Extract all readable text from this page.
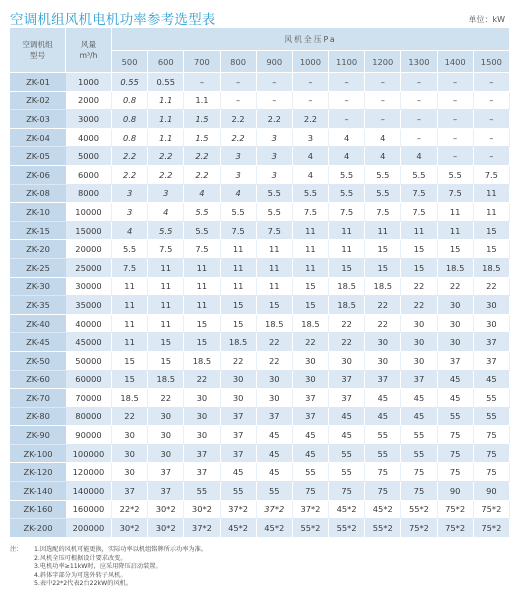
空调机组风机电机功率参考选型表	单位：kW
空调机组
型号	风量
m³/h	风机全压Pa										
		500	600	700	800	900	1000	1100	1200	1300	1400	1500
ZK-01	1000	0.55	0.55	–	–	–	–	–	–	–	–	–
ZK-02	2000	0.8	1.1	1.1	–	–	–	–	–	–	–	–
ZK-03	3000	0.8	1.1	1.5	2.2	2.2	2.2	–	–	–	–	–
ZK-04	4000	0.8	1.1	1.5	2.2	3	3	4	4	–	–	–
ZK-05	5000	2.2	2.2	2.2	3	3	4	4	4	4	–	–
ZK-06	6000	2.2	2.2	2.2	3	3	4	5.5	5.5	5.5	5.5	7.5
ZK-08	8000	3	3	4	4	5.5	5.5	5.5	5.5	7.5	7.5	11
ZK-10	10000	3	4	5.5	5.5	5.5	7.5	7.5	7.5	7.5	11	11
ZK-15	15000	4	5.5	5.5	7.5	7.5	11	11	11	11	11	15
ZK-20	20000	5.5	7.5	7.5	11	11	11	11	15	15	15	15
ZK-25	25000	7.5	11	11	11	11	11	15	15	15	18.5	18.5
ZK-30	30000	11	11	11	11	11	15	18.5	18.5	22	22	22
ZK-35	35000	11	11	11	15	15	15	18.5	22	22	30	30
ZK-40	40000	11	11	15	15	18.5	18.5	22	22	30	30	30
ZK-45	45000	11	15	15	18.5	22	22	22	30	30	30	37
ZK-50	50000	15	15	18.5	22	22	30	30	30	30	37	37
ZK-60	60000	15	18.5	22	30	30	30	37	37	37	45	45
ZK-70	70000	18.5	22	30	30	30	37	37	45	45	45	55
ZK-80	80000	22	30	30	37	37	37	45	45	45	55	55
ZK-90	90000	30	30	30	37	45	45	45	55	55	75	75
ZK-100	100000	30	30	37	37	45	45	55	55	55	75	75
ZK-120	120000	30	37	37	45	45	55	55	75	75	75	75
ZK-140	140000	37	37	55	55	55	75	75	75	75	90	90
ZK-160	160000	22*2	30*2	30*2	37*2	37*2	37*2	45*2	45*2	55*2	75*2	75*2
ZK-200	200000	30*2	30*2	37*2	45*2	45*2	55*2	55*2	55*2	75*2	75*2	75*2
注： 1.因选配的风机可能更换，实际功率以机组铭牌所示功率为准。
2.风机全压可根据设计要求改变。
3.电机功率≥11kW时，应采用降压启动装置。
4.斜体字部分为可选外转子风机。
5.表中22*2代表2台22kW的风机。
